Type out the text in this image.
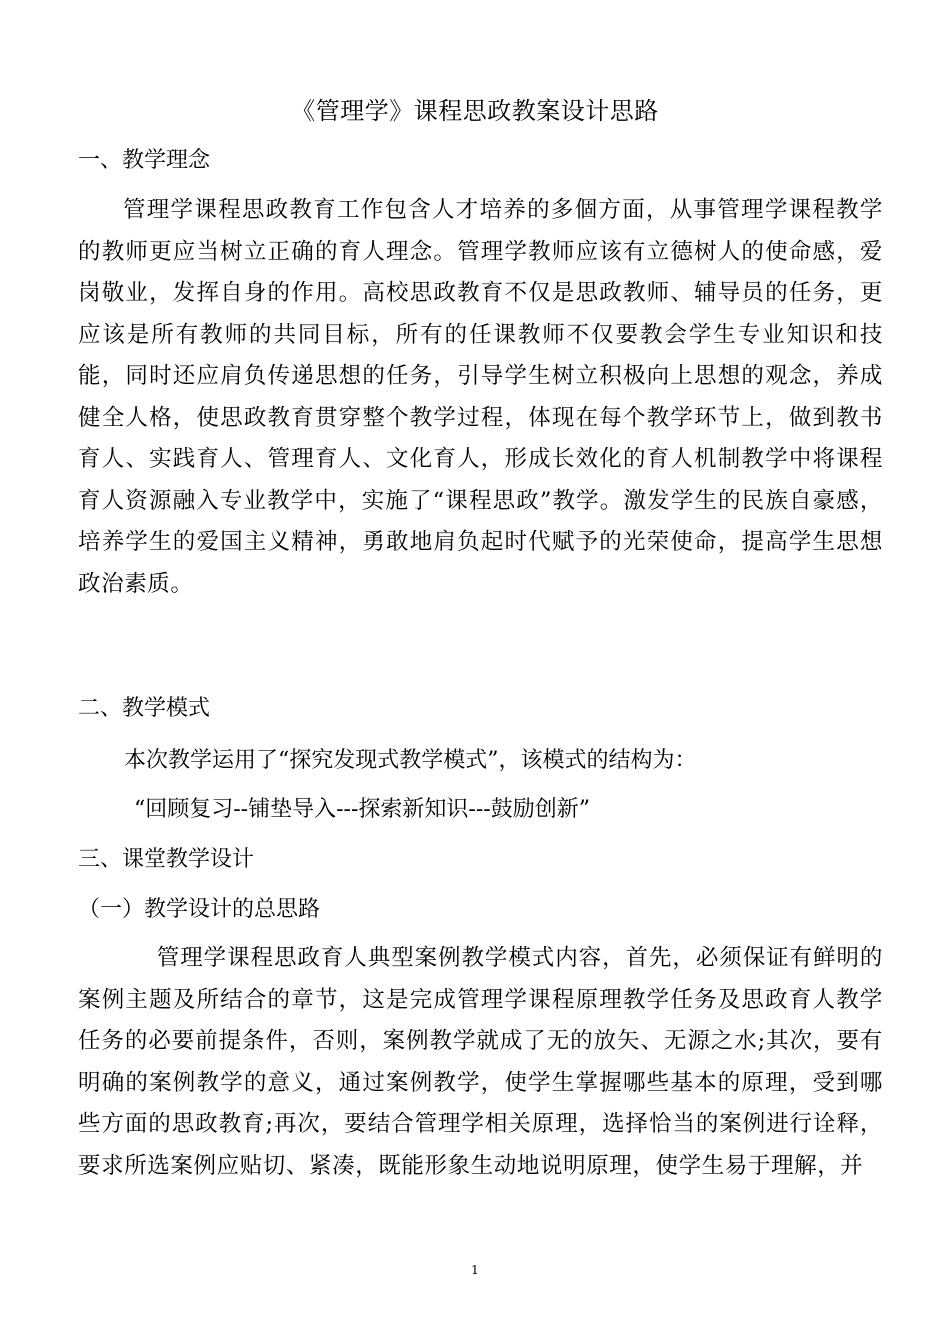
《管理学》课程思政教案设计思路
一、教学理念
管理学课程思政教育工作包含人才培养的多個方面，从事管理学课程教学的教师更应当树立正确的育人理念。管理学教师应该有立德树人的使命感，爱岗敬业，发挥自身的作用。高校思政教育不仅是思政教师、辅导员的任务，更应该是所有教师的共同目标，所有的任课教师不仅要教会学生专业知识和技能，同时还应肩负传递思想的任务，引导学生树立积极向上思想的观念，养成健全人格，使思政教育贯穿整个教学过程，体现在每个教学环节上，做到教书育人、实践育人、管理育人、文化育人，形成长效化的育人机制教学中将课程育人资源融入专业教学中，实施了“课程思政”教学。激发学生的民族自豪感，培养学生的爱国主义精神，勇敢地肩负起时代赋予的光荣使命，提高学生思想政治素质。
二、教学模式
本次教学运用了“探究发现式教学模式”，该模式的结构为：
“回顾复习--铺垫导入---探索新知识---鼓励创新”
三、课堂教学设计
（一）教学设计的总思路
管理学课程思政育人典型案例教学模式内容，首先，必须保证有鲜明的案例主题及所结合的章节，这是完成管理学课程原理教学任务及思政育人教学任务的必要前提条件，否则，案例教学就成了无的放矢、无源之水;其次，要有明确的案例教学的意义，通过案例教学，使学生掌握哪些基本的原理，受到哪些方面的思政教育;再次，要结合管理学相关原理，选择恰当的案例进行诠释，要求所选案例应贴切、紧凑，既能形象生动地说明原理，使学生易于理解，并
1
